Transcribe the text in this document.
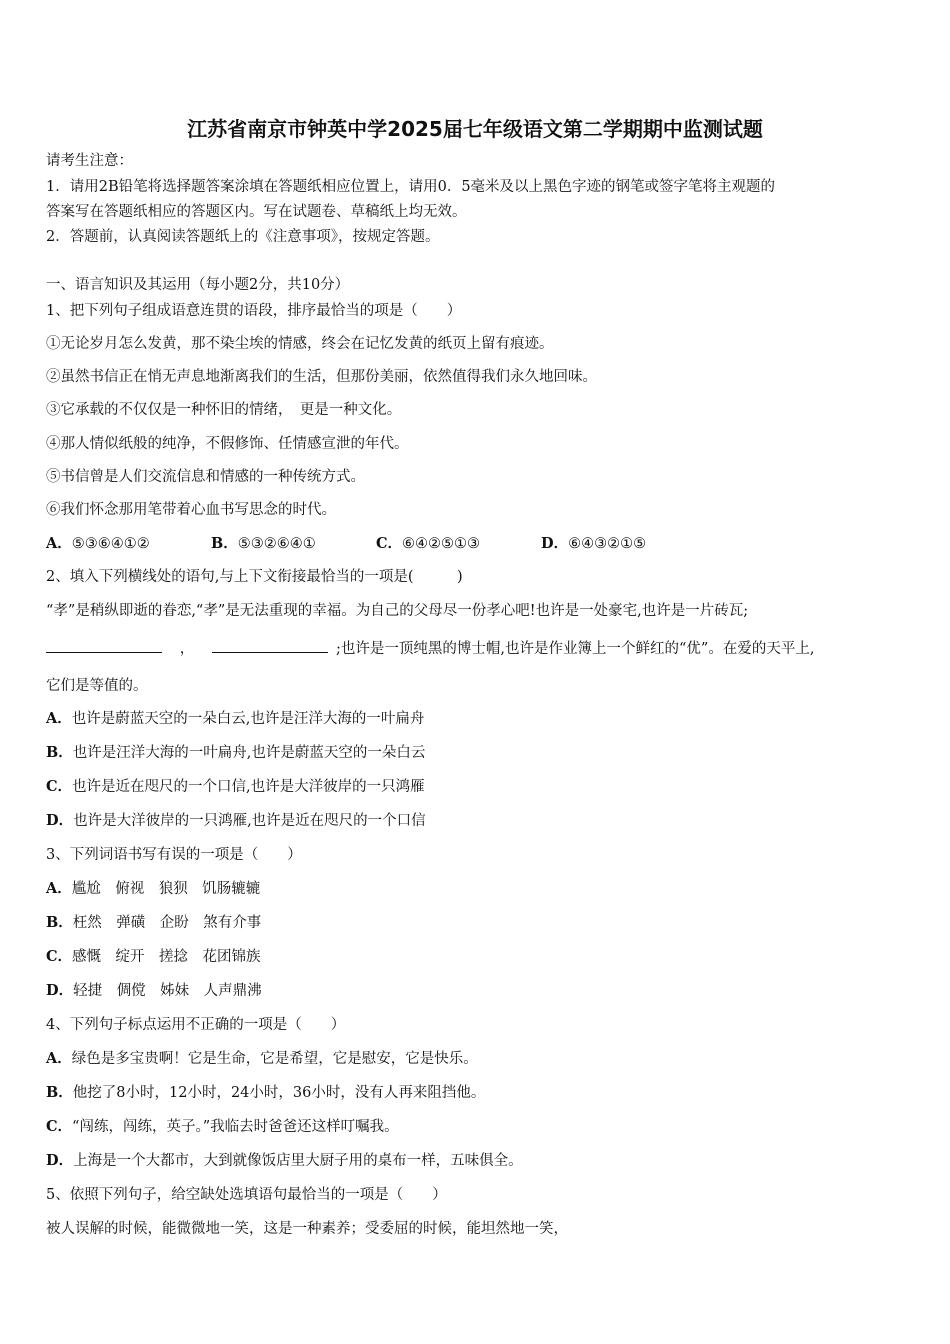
江苏省南京市钟英中学2025届七年级语文第二学期期中监测试题
请考生注意：
1．请用2B铅笔将选择题答案涂填在答题纸相应位置上，请用0．5毫米及以上黑色字迹的钢笔或签字笔将主观题的
答案写在答题纸相应的答题区内。写在试题卷、草稿纸上均无效。
2．答题前，认真阅读答题纸上的《注意事项》，按规定答题。
一、语言知识及其运用（每小题2分，共10分）
1、把下列句子组成语意连贯的语段，排序最恰当的项是（　　）
①无论岁月怎么发黄，那不染尘埃的情感，终会在记忆发黄的纸页上留有痕迹。
②虽然书信正在悄无声息地渐离我们的生活，但那份美丽，依然值得我们永久地回味。
③它承载的不仅仅是一种怀旧的情绪，　更是一种文化。
④那人情似纸般的纯净，不假修饰、任情感宣泄的年代。
⑤书信曾是人们交流信息和情感的一种传统方式。
⑥我们怀念那用笔带着心血书写思念的时代。
A．⑤③⑥④①②	B．⑤③②⑥④①	C．⑥④②⑤①③	D．⑥④③②①⑤
2、填入下列横线处的语句,与上下文衔接最恰当的一项是(　　　)
“孝”是稍纵即逝的眷恋,“孝”是无法重现的幸福。为自己的父母尽一份孝心吧!也许是一处豪宅,也许是一片砖瓦;
，	;也许是一顶纯黑的博士帽,也许是作业簿上一个鲜红的“优”。在爱的天平上,
它们是等值的。
A．也许是蔚蓝天空的一朵白云,也许是汪洋大海的一叶扁舟
B．也许是汪洋大海的一叶扁舟,也许是蔚蓝天空的一朵白云
C．也许是近在咫尺的一个口信,也许是大洋彼岸的一只鸿雁
D．也许是大洋彼岸的一只鸿雁,也许是近在咫尺的一个口信
3、下列词语书写有误的一项是（　　）
A．尴尬　俯视　狼狈　饥肠辘辘
B．枉然　弹磺　企盼　煞有介事
C．感慨　绽开　搓捻　花团锦族
D．轻捷　倜傥　姊妹　人声鼎沸
4、下列句子标点运用不正确的一项是（　　）
A．绿色是多宝贵啊！它是生命，它是希望，它是慰安，它是快乐。
B．他挖了8小时，12小时，24小时，36小时，没有人再来阻挡他。
C．“闯练，闯练，英子。”我临去时爸爸还这样叮嘱我。
D．上海是一个大都市，大到就像饭店里大厨子用的桌布一样，五味俱全。
5、依照下列句子，给空缺处选填语句最恰当的一项是（　　）
被人误解的时候，能微微地一笑，这是一种素养；受委屈的时候，能坦然地一笑，
